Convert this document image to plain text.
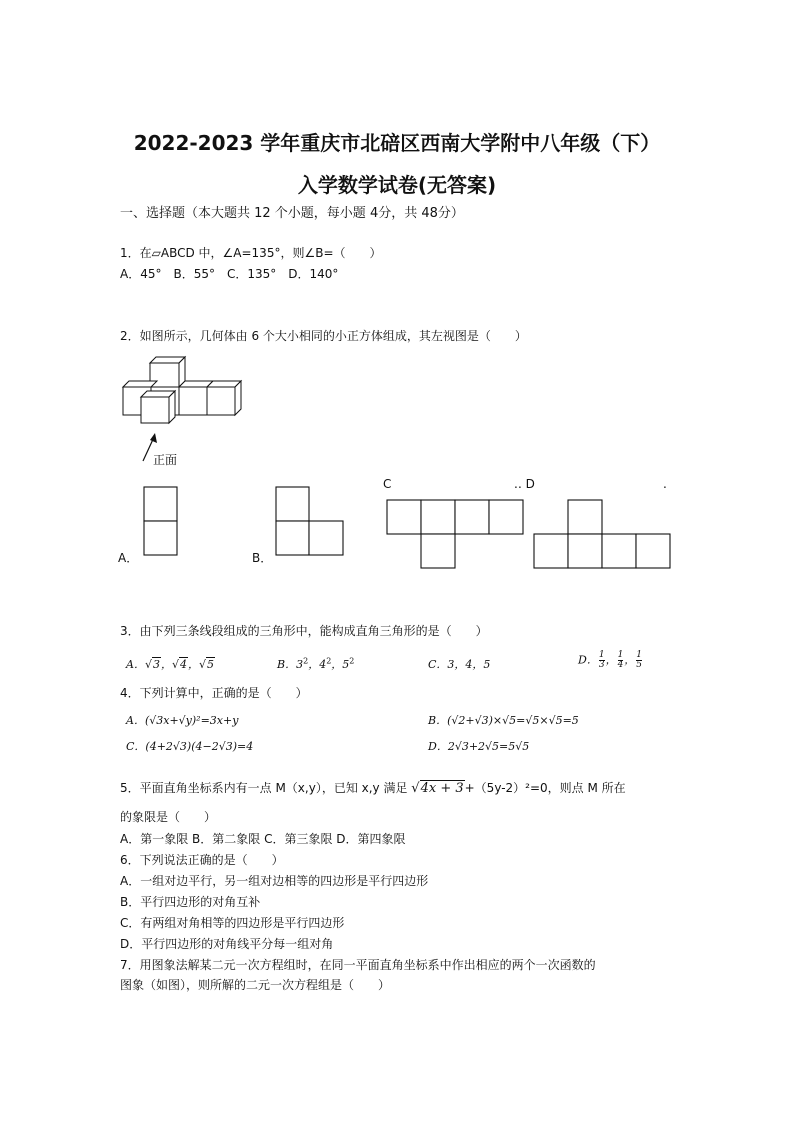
2022-2023 学年重庆市北碚区西南大学附中八年级（下）
入学数学试卷(无答案)
一、选择题（本大题共 12 个小题，每小题 4分，共 48分）
1．在▱ABCD 中，∠A=135°，则∠B=（　　）
A．45°　B．55°　C．135°　D．140°
2．如图所示，几何体由 6 个大小相同的小正方体组成，其左视图是（　　）
正面
A．	B．
C	. . D	.
3．由下列三条线段组成的三角形中，能构成直角三角形的是（　　）
A．√3，√4，√5	B．$3^2$，$4^2$，$5^2$	C．3，4，5	D． $\frac{1}{3}$ ， $\frac{1}{4}$ ， $\frac{1}{5}$
4．下列计算中，正确的是（　　）
A．(√3x+√y)²=3x+y	B．(√2+√3)×√5=√5×√5=5
C．(4+2√3)(4−2√3)=4	D．2√3+2√5=5√5
5．平面直角坐标系内有一点 M（x,y），已知 x,y 满足 √4x + 3+（5y-2）²=0，则点 M 所在
的象限是（　　）
A．第一象限 B．第二象限 C．第三象限 D．第四象限
6．下列说法正确的是（　　）
A．一组对边平行，另一组对边相等的四边形是平行四边形
B．平行四边形的对角互补
C．有两组对角相等的四边形是平行四边形
D．平行四边形的对角线平分每一组对角
7．用图象法解某二元一次方程组时，在同一平面直角坐标系中作出相应的两个一次函数的
图象（如图），则所解的二元一次方程组是（　　）
